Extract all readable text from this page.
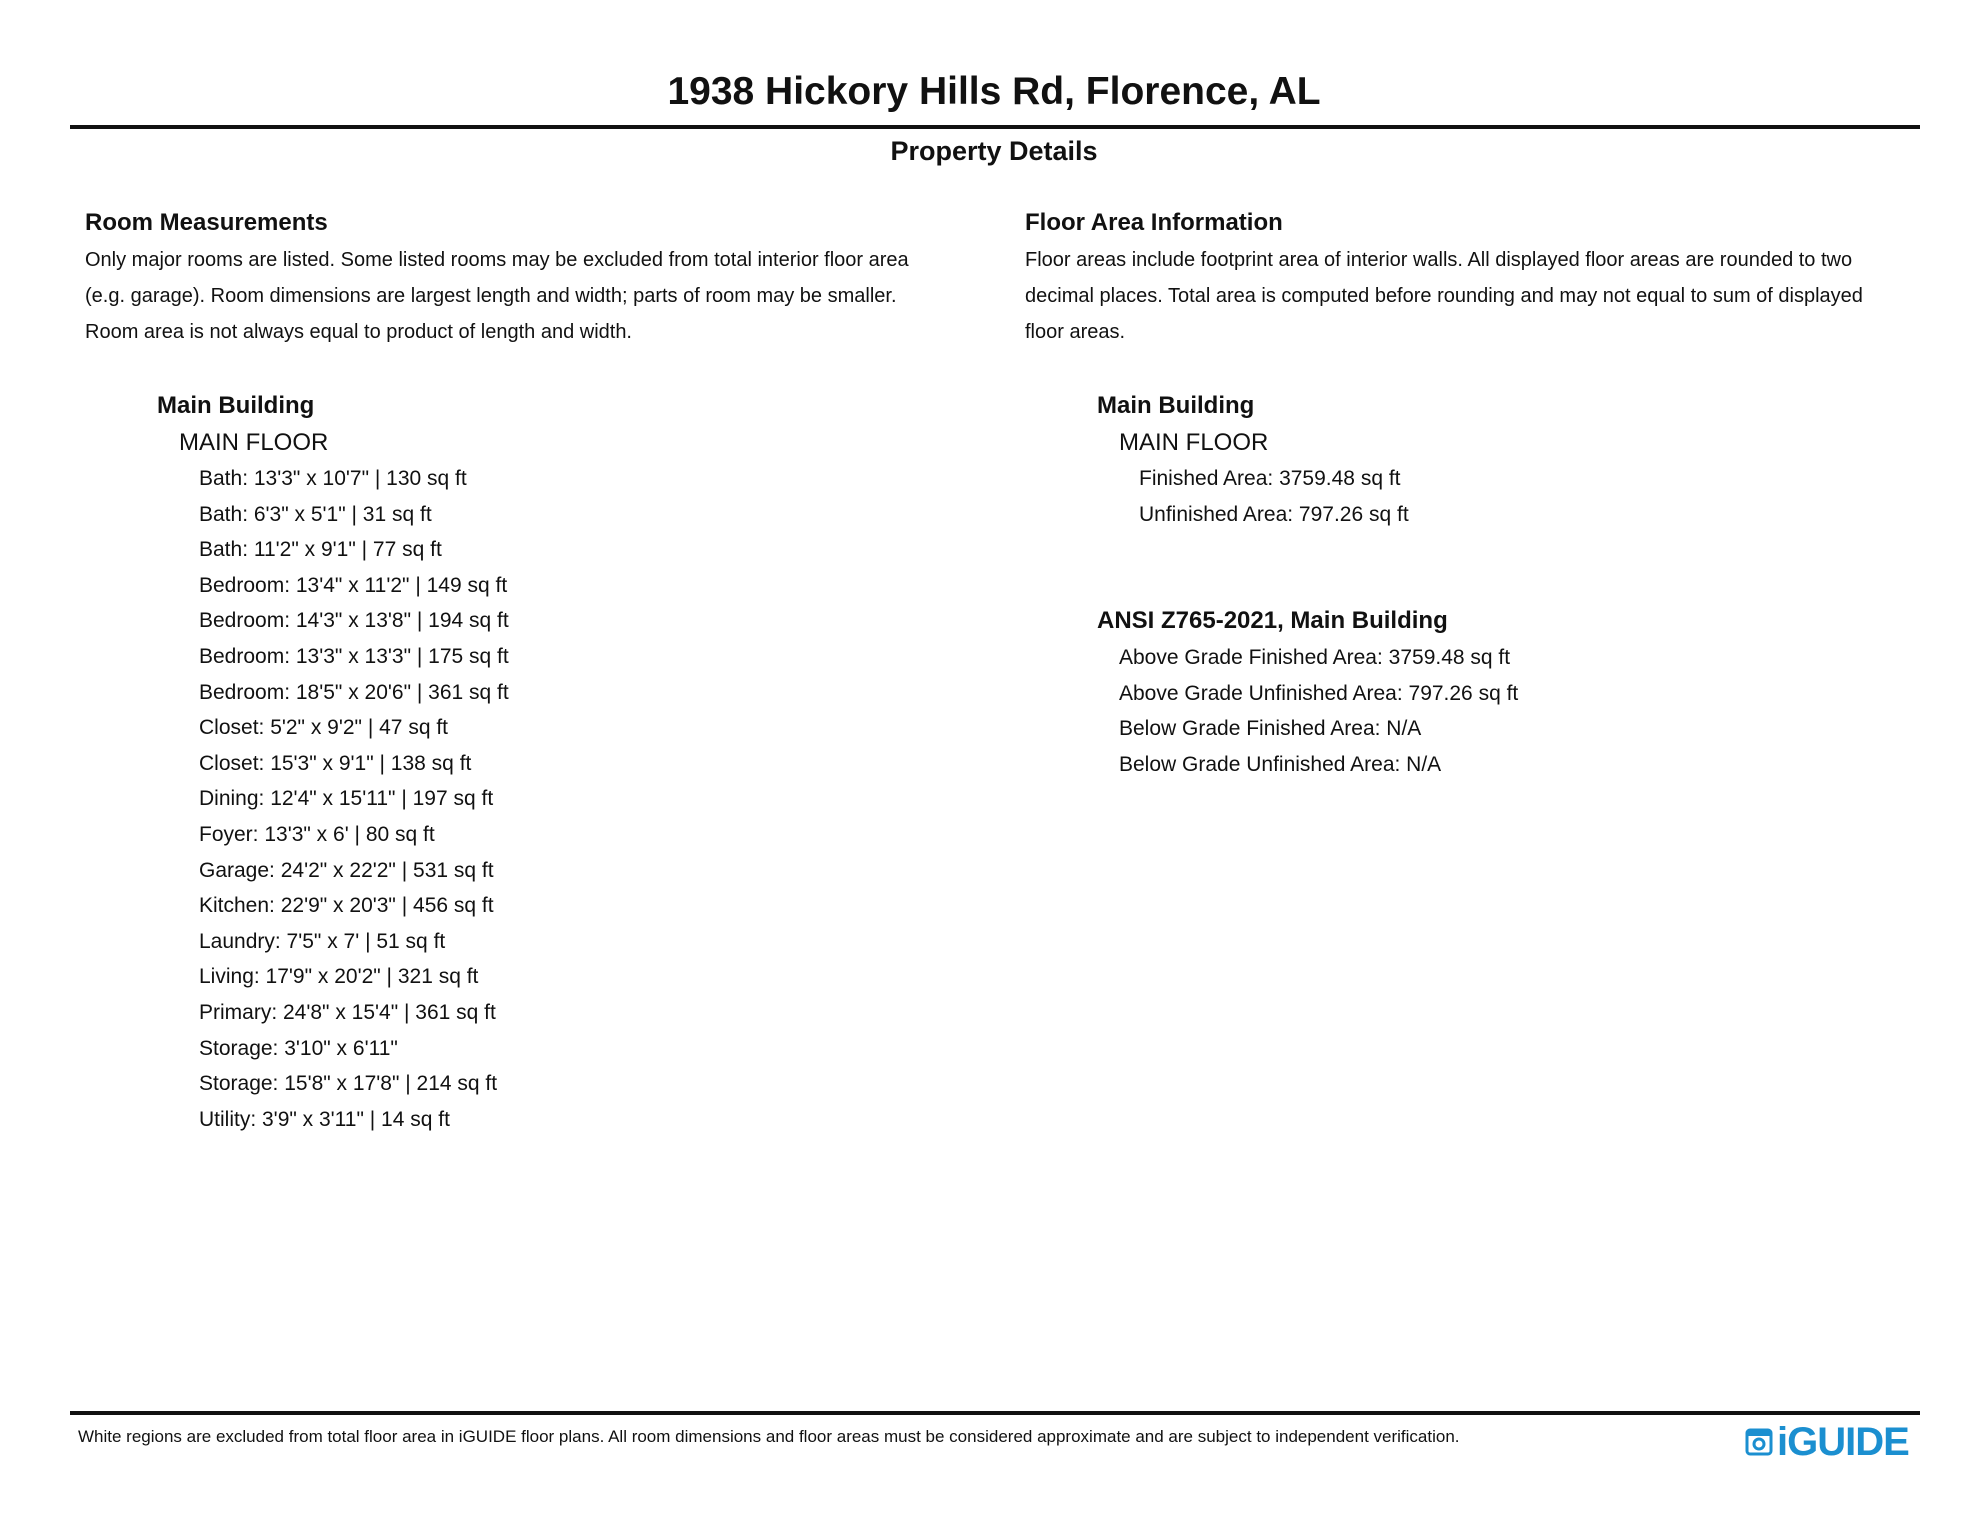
1938 Hickory Hills Rd, Florence, AL
Property Details
Room Measurements

Only major rooms are listed. Some listed rooms may be excluded from total interior floor area

(e.g. garage). Room dimensions are largest length and width; parts of room may be smaller.

Room area is not always equal to product of length and width.

Main Building
MAIN FLOOR
Bath: 13'3" x 10'7" | 130 sq ft
Bath: 6'3" x 5'1" | 31 sq ft
Bath: 11'2" x 9'1" | 77 sq ft
Bedroom: 13'4" x 11'2" | 149 sq ft
Bedroom: 14'3" x 13'8" | 194 sq ft
Bedroom: 13'3" x 13'3" | 175 sq ft
Bedroom: 18'5" x 20'6" | 361 sq ft
Closet: 5'2" x 9'2" | 47 sq ft
Closet: 15'3" x 9'1" | 138 sq ft
Dining: 12'4" x 15'11" | 197 sq ft
Foyer: 13'3" x 6' | 80 sq ft
Garage: 24'2" x 22'2" | 531 sq ft
Kitchen: 22'9" x 20'3" | 456 sq ft
Laundry: 7'5" x 7' | 51 sq ft
Living: 17'9" x 20'2" | 321 sq ft
Primary: 24'8" x 15'4" | 361 sq ft
Storage: 3'10" x 6'11"
Storage: 15'8" x 17'8" | 214 sq ft
Utility: 3'9" x 3'11" | 14 sq ft
Floor Area Information

Floor areas include footprint area of interior walls. All displayed floor areas are rounded to two

decimal places. Total area is computed before rounding and may not equal to sum of displayed

floor areas.

Main Building
MAIN FLOOR
Finished Area: 3759.48 sq ft
Unfinished Area: 797.26 sq ft
ANSI Z765-2021, Main Building
Above Grade Finished Area: 3759.48 sq ft
Above Grade Unfinished Area: 797.26 sq ft
Below Grade Finished Area: N/A
Below Grade Unfinished Area: N/A
White regions are excluded from total floor area in iGUIDE floor plans. All room dimensions and floor areas must be considered approximate and are subject to independent verification.	iGUIDE
